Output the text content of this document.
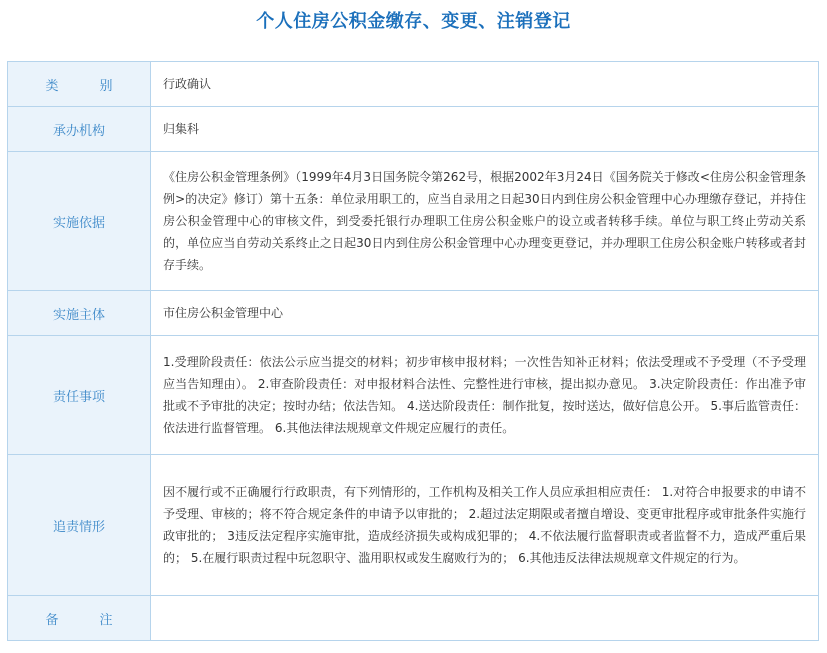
个人住房公积金缴存、变更、注销登记
类　别	行政确认
承办机构	归集科
实施依据	《住房公积金管理条例》（1999年4月3日国务院令第262号，根据2002年3月24日《国务院关于修改<住房公积金管理条例>的决定》修订）第十五条：单位录用职工的，应当自录用之日起30日内到住房公积金管理中心办理缴存登记，并持住房公积金管理中心的审核文件，到受委托银行办理职工住房公积金账户的设立或者转移手续。单位与职工终止劳动关系的，单位应当自劳动关系终止之日起30日内到住房公积金管理中心办理变更登记，并办理职工住房公积金账户转移或者封存手续。
实施主体	市住房公积金管理中心
责任事项	1.受理阶段责任：依法公示应当提交的材料；初步审核申报材料；一次性告知补正材料；依法受理或不予受理（不予受理应当告知理由）。 2.审查阶段责任：对申报材料合法性、完整性进行审核，提出拟办意见。 3.决定阶段责任：作出准予审批或不予审批的决定；按时办结；依法告知。 4.送达阶段责任：制作批复，按时送达，做好信息公开。 5.事后监管责任：依法进行监督管理。 6.其他法律法规规章文件规定应履行的责任。
追责情形	因不履行或不正确履行行政职责，有下列情形的，工作机构及相关工作人员应承担相应责任： 1.对符合申报要求的申请不予受理、审核的；将不符合规定条件的申请予以审批的； 2.超过法定期限或者擅自增设、变更审批程序或审批条件实施行政审批的； 3违反法定程序实施审批，造成经济损失或构成犯罪的； 4.不依法履行监督职责或者监督不力，造成严重后果的； 5.在履行职责过程中玩忽职守、滥用职权或发生腐败行为的； 6.其他违反法律法规规章文件规定的行为。
备　注	
